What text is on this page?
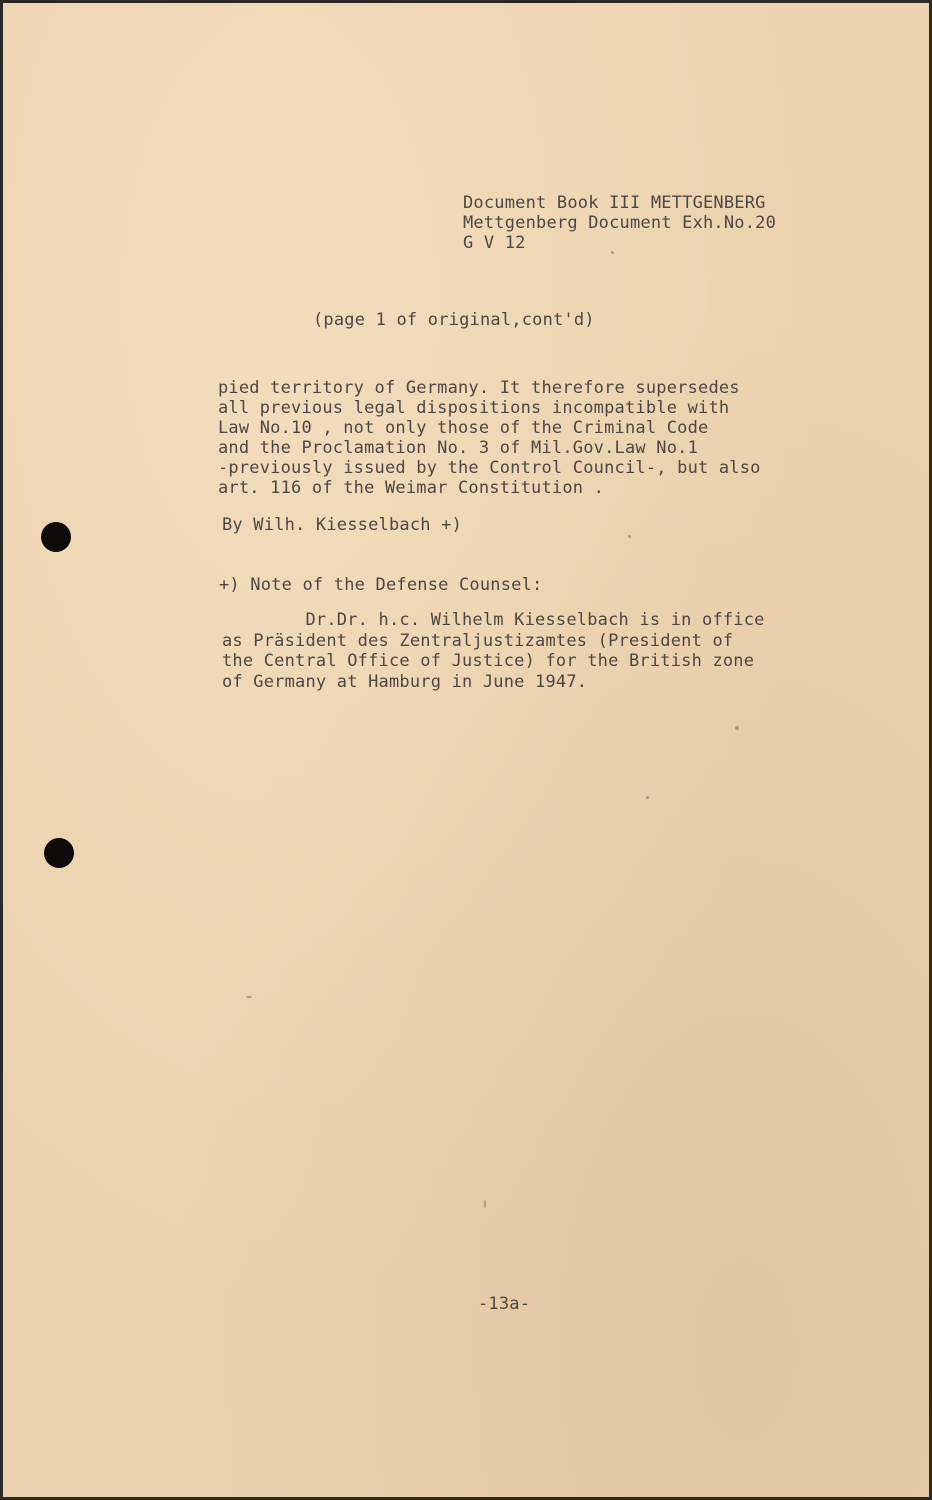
Document Book III METTGENBERG
Mettgenberg Document Exh.No.20
G V 12

(page 1 of original,cont'd)

pied territory of Germany. It therefore supersedes
all previous legal dispositions incompatible with
Law No.10 , not only those of the Criminal Code
and the Proclamation No. 3 of Mil.Gov.Law No.1
-previously issued by the Control Council-, but also
art. 116 of the Weimar Constitution .

By Wilh. Kiesselbach +)

+) Note of the Defense Counsel:

Dr.Dr. h.c. Wilhelm Kiesselbach is in office
as Präsident des Zentraljustizamtes (President of
the Central Office of Justice) for the British zone
of Germany at Hamburg in June 1947.

-13a-
